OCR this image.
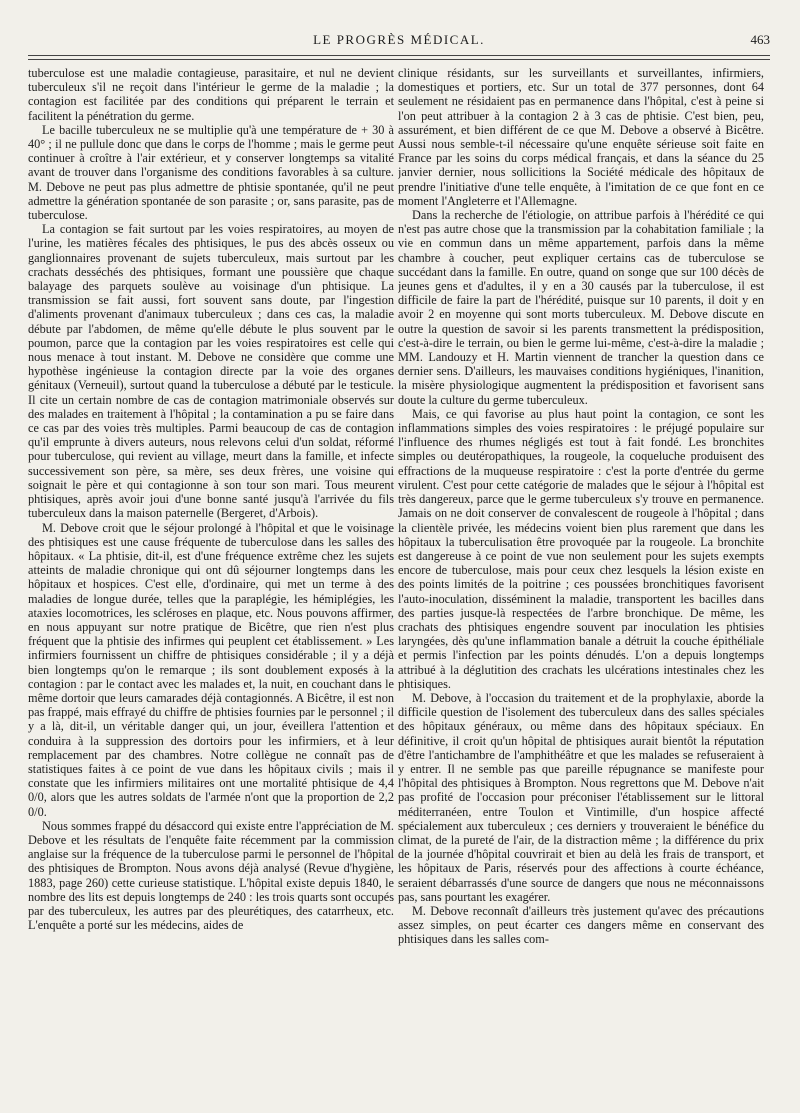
LE PROGRÈS MÉDICAL.	463

tuberculose est une maladie contagieuse, parasitaire, et nul ne devient tuberculeux s'il ne reçoit dans l'intérieur le germe de la maladie ; la contagion est facilitée par des conditions qui préparent le terrain et facilitent la pénétration du germe.

Le bacille tuberculeux ne se multiplie qu'à une température de + 30 à 40° ; il ne pullule donc que dans le corps de l'homme ; mais le germe peut continuer à croître à l'air extérieur, et y conserver longtemps sa vitalité avant de trouver dans l'organisme des conditions favorables à sa culture. M. Debove ne peut pas plus admettre de phtisie spontanée, qu'il ne peut admettre la génération spontanée de son parasite ; or, sans parasite, pas de tuberculose.

La contagion se fait surtout par les voies respiratoires, au moyen de l'urine, les matières fécales des phtisiques, le pus des abcès osseux ou ganglionnaires provenant de sujets tuberculeux, mais surtout par les crachats desséchés des phtisiques, formant une poussière que chaque balayage des parquets soulève au voisinage d'un phtisique. La transmission se fait aussi, fort souvent sans doute, par l'ingestion d'aliments provenant d'animaux tuberculeux ; dans ces cas, la maladie débute par l'abdomen, de même qu'elle débute le plus souvent par le poumon, parce que la contagion par les voies respiratoires est celle qui nous menace à tout instant. M. Debove ne considère que comme une hypothèse ingénieuse la contagion directe par la voie des organes génitaux (Verneuil), surtout quand la tuberculose a débuté par le testicule. Il cite un certain nombre de cas de contagion matrimoniale observés sur des malades en traitement à l'hôpital ; la contamination a pu se faire dans ce cas par des voies très multiples. Parmi beaucoup de cas de contagion qu'il emprunte à divers auteurs, nous relevons celui d'un soldat, réformé pour tuberculose, qui revient au village, meurt dans la famille, et infecte successivement son père, sa mère, ses deux frères, une voisine qui soignait le père et qui contagionne à son tour son mari. Tous meurent phtisiques, après avoir joui d'une bonne santé jusqu'à l'arrivée du fils tuberculeux dans la maison paternelle (Bergeret, d'Arbois).

M. Debove croit que le séjour prolongé à l'hôpital et que le voisinage des phtisiques est une cause fréquente de tuberculose dans les salles des hôpitaux. « La phtisie, dit-il, est d'une fréquence extrême chez les sujets atteints de maladie chronique qui ont dû séjourner longtemps dans les hôpitaux et hospices. C'est elle, d'ordinaire, qui met un terme à des maladies de longue durée, telles que la paraplégie, les hémiplégies, les ataxies locomotrices, les scléroses en plaque, etc. Nous pouvons affirmer, en nous appuyant sur notre pratique de Bicêtre, que rien n'est plus fréquent que la phtisie des infirmes qui peuplent cet établissement. » Les infirmiers fournissent un chiffre de phtisiques considérable ; il y a déjà bien longtemps qu'on le remarque ; ils sont doublement exposés à la contagion : par le contact avec les malades et, la nuit, en couchant dans le même dortoir que leurs camarades déjà contagionnés. A Bicêtre, il est non pas frappé, mais effrayé du chiffre de phtisies fournies par le personnel ; il y a là, dit-il, un véritable danger qui, un jour, éveillera l'attention et conduira à la suppression des dortoirs pour les infirmiers, et à leur remplacement par des chambres. Notre collègue ne connaît pas de statistiques faites à ce point de vue dans les hôpitaux civils ; mais il constate que les infirmiers militaires ont une mortalité phtisique de 4,4 0/0, alors que les autres soldats de l'armée n'ont que la proportion de 2,2 0/0.

Nous sommes frappé du désaccord qui existe entre l'appréciation de M. Debove et les résultats de l'enquête faite récemment par la commission anglaise sur la fréquence de la tuberculose parmi le personnel de l'hôpital des phtisiques de Brompton. Nous avons déjà analysé (Revue d'hygiène, 1883, page 260) cette curieuse statistique. L'hôpital existe depuis 1840, le nombre des lits est depuis longtemps de 240 : les trois quarts sont occupés par des tuberculeux, les autres par des pleurétiques, des catarrheux, etc. L'enquête a porté sur les médecins, aides de

clinique résidants, sur les surveillants et surveillantes, infirmiers, domestiques et portiers, etc. Sur un total de 377 personnes, dont 64 seulement ne résidaient pas en permanence dans l'hôpital, c'est à peine si l'on peut attribuer à la contagion 2 à 3 cas de phtisie. C'est bien, peu, assurément, et bien différent de ce que M. Debove a observé à Bicêtre. Aussi nous semble-t-il nécessaire qu'une enquête sérieuse soit faite en France par les soins du corps médical français, et dans la séance du 25 janvier dernier, nous sollicitions la Société médicale des hôpitaux de prendre l'initiative d'une telle enquête, à l'imitation de ce que font en ce moment l'Angleterre et l'Allemagne.

Dans la recherche de l'étiologie, on attribue parfois à l'hérédité ce qui n'est pas autre chose que la transmission par la cohabitation familiale ; la vie en commun dans un même appartement, parfois dans la même chambre à coucher, peut expliquer certains cas de tuberculose se succédant dans la famille. En outre, quand on songe que sur 100 décès de jeunes gens et d'adultes, il y en a 30 causés par la tuberculose, il est difficile de faire la part de l'hérédité, puisque sur 10 parents, il doit y en avoir 2 en moyenne qui sont morts tuberculeux. M. Debove discute en outre la question de savoir si les parents transmettent la prédisposition, c'est-à-dire le terrain, ou bien le germe lui-même, c'est-à-dire la maladie ; MM. Landouzy et H. Martin viennent de trancher la question dans ce dernier sens. D'ailleurs, les mauvaises conditions hygiéniques, l'inanition, la misère physiologique augmentent la prédisposition et favorisent sans doute la culture du germe tuberculeux.

Mais, ce qui favorise au plus haut point la contagion, ce sont les inflammations simples des voies respiratoires : le préjugé populaire sur l'influence des rhumes négligés est tout à fait fondé. Les bronchites simples ou deutéropathiques, la rougeole, la coqueluche produisent des effractions de la muqueuse respiratoire : c'est la porte d'entrée du germe virulent. C'est pour cette catégorie de malades que le séjour à l'hôpital est très dangereux, parce que le germe tuberculeux s'y trouve en permanence. Jamais on ne doit conserver de convalescent de rougeole à l'hôpital ; dans la clientèle privée, les médecins voient bien plus rarement que dans les hôpitaux la tuberculisation être provoquée par la rougeole. La bronchite est dangereuse à ce point de vue non seulement pour les sujets exempts encore de tuberculose, mais pour ceux chez lesquels la lésion existe en des points limités de la poitrine ; ces poussées bronchitiques favorisent l'auto-inoculation, disséminent la maladie, transportent les bacilles dans des parties jusque-là respectées de l'arbre bronchique. De même, les crachats des phtisiques engendre souvent par inoculation les phtisies laryngées, dès qu'une inflammation banale a détruit la couche épithéliale et permis l'infection par les points dénudés. L'on a depuis longtemps attribué à la déglutition des crachats les ulcérations intestinales chez les phtisiques.

M. Debove, à l'occasion du traitement et de la prophylaxie, aborde la difficile question de l'isolement des tuberculeux dans des salles spéciales des hôpitaux généraux, ou même dans des hôpitaux spéciaux. En définitive, il croit qu'un hôpital de phtisiques aurait bientôt la réputation d'être l'antichambre de l'amphithéâtre et que les malades se refuseraient à y entrer. Il ne semble pas que pareille répugnance se manifeste pour l'hôpital des phtisiques à Brompton. Nous regrettons que M. Debove n'ait pas profité de l'occasion pour préconiser l'établissement sur le littoral méditerranéen, entre Toulon et Vintimille, d'un hospice affecté spécialement aux tuberculeux ; ces derniers y trouveraient le bénéfice du climat, de la pureté de l'air, de la distraction même ; la différence du prix de la journée d'hôpital couvrirait et bien au delà les frais de transport, et les hôpitaux de Paris, réservés pour des affections à courte échéance, seraient débarrassés d'une source de dangers que nous ne méconnaissons pas, sans pourtant les exagérer.

M. Debove reconnaît d'ailleurs très justement qu'avec des précautions assez simples, on peut écarter ces dangers même en conservant des phtisiques dans les salles com-
